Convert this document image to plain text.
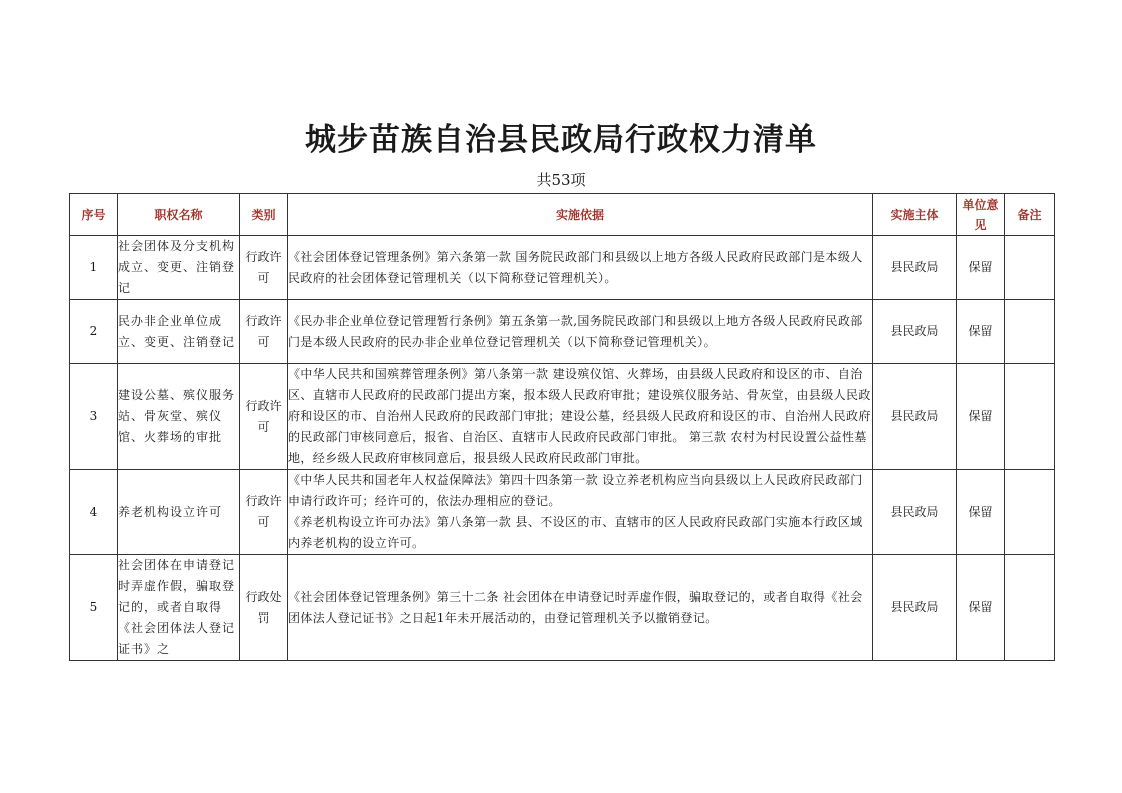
城步苗族自治县民政局行政权力清单
共53项
序号	职权名称	类别	实施依据	实施主体	单位意见	备注
1	社会团体及分支机构成立、变更、注销登记	行政许可	《社会团体登记管理条例》第六条第一款 国务院民政部门和县级以上地方各级人民政府民政部门是本级人民政府的社会团体登记管理机关（以下简称登记管理机关）。	县民政局	保留	
2	民办非企业单位成立、变更、注销登记	行政许可	《民办非企业单位登记管理暂行条例》第五条第一款,国务院民政部门和县级以上地方各级人民政府民政部门是本级人民政府的民办非企业单位登记管理机关（以下简称登记管理机关）。	县民政局	保留	
3	建设公墓、殡仪服务站、骨灰堂、殡仪馆、火葬场的审批	行政许可	《中华人民共和国殡葬管理条例》第八条第一款 建设殡仪馆、火葬场，由县级人民政府和设区的市、自治区、直辖市人民政府的民政部门提出方案，报本级人民政府审批；建设殡仪服务站、骨灰堂，由县级人民政府和设区的市、自治州人民政府的民政部门审批；建设公墓，经县级人民政府和设区的市、自治州人民政府的民政部门审核同意后，报省、自治区、直辖市人民政府民政部门审批。 第三款 农村为村民设置公益性墓地，经乡级人民政府审核同意后，报县级人民政府民政部门审批。	县民政局	保留	
4	养老机构设立许可	行政许可	《中华人民共和国老年人权益保障法》第四十四条第一款 设立养老机构应当向县级以上人民政府民政部门申请行政许可；经许可的，依法办理相应的登记。
《养老机构设立许可办法》第八条第一款 县、不设区的市、直辖市的区人民政府民政部门实施本行政区域内养老机构的设立许可。	县民政局	保留	
5	社会团体在申请登记时弄虚作假，骗取登记的，或者自取得《社会团体法人登记证书》之	行政处罚	《社会团体登记管理条例》第三十二条 社会团体在申请登记时弄虚作假，骗取登记的，或者自取得《社会团体法人登记证书》之日起1年未开展活动的，由登记管理机关予以撤销登记。	县民政局	保留	
